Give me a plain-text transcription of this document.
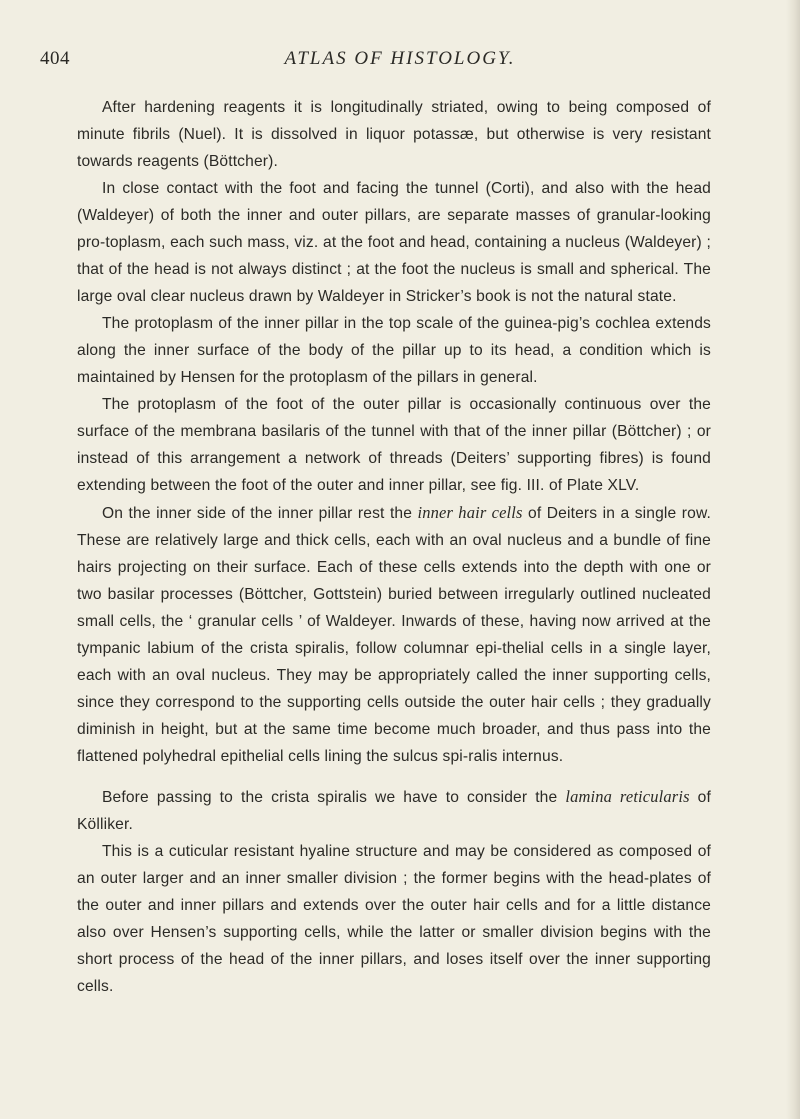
404	ATLAS OF HISTOLOGY.

After hardening reagents it is longitudinally striated, owing to being composed of minute fibrils (Nuel). It is dissolved in liquor potassæ, but otherwise is very resistant towards reagents (Böttcher).

In close contact with the foot and facing the tunnel (Corti), and also with the head (Waldeyer) of both the inner and outer pillars, are separate masses of granular-looking pro-toplasm, each such mass, viz. at the foot and head, containing a nucleus (Waldeyer) ; that of the head is not always distinct ; at the foot the nucleus is small and spherical. The large oval clear nucleus drawn by Waldeyer in Stricker’s book is not the natural state.

The protoplasm of the inner pillar in the top scale of the guinea-pig’s cochlea extends along the inner surface of the body of the pillar up to its head, a condition which is maintained by Hensen for the protoplasm of the pillars in general.

The protoplasm of the foot of the outer pillar is occasionally continuous over the surface of the membrana basilaris of the tunnel with that of the inner pillar (Böttcher) ; or instead of this arrangement a network of threads (Deiters’ supporting fibres) is found extending between the foot of the outer and inner pillar, see fig. III. of Plate XLV.

On the inner side of the inner pillar rest the inner hair cells of Deiters in a single row. These are relatively large and thick cells, each with an oval nucleus and a bundle of fine hairs projecting on their surface. Each of these cells extends into the depth with one or two basilar processes (Böttcher, Gottstein) buried between irregularly outlined nucleated small cells, the ‘ granular cells ’ of Waldeyer. Inwards of these, having now arrived at the tympanic labium of the crista spiralis, follow columnar epi-thelial cells in a single layer, each with an oval nucleus. They may be appropriately called the inner supporting cells, since they correspond to the supporting cells outside the outer hair cells ; they gradually diminish in height, but at the same time become much broader, and thus pass into the flattened polyhedral epithelial cells lining the sulcus spi-ralis internus.

Before passing to the crista spiralis we have to consider the lamina reticularis of Kölliker.

This is a cuticular resistant hyaline structure and may be considered as composed of an outer larger and an inner smaller division ; the former begins with the head-plates of the outer and inner pillars and extends over the outer hair cells and for a little distance also over Hensen’s supporting cells, while the latter or smaller division begins with the short process of the head of the inner pillars, and loses itself over the inner supporting cells.
